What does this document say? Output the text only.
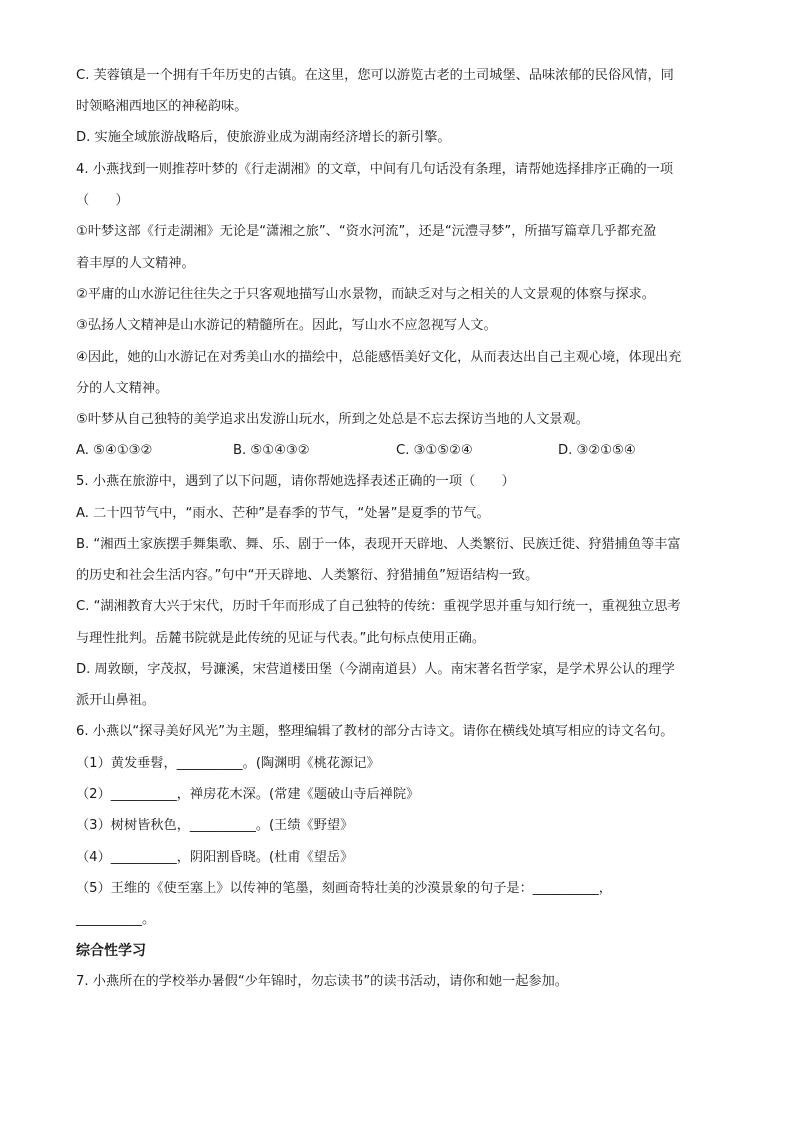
C. 芙蓉镇是一个拥有千年历史的古镇。在这里，您可以游览古老的土司城堡、品味浓郁的民俗风情，同
时领略湘西地区的神秘韵味。
D. 实施全域旅游战略后，使旅游业成为湖南经济增长的新引擎。
4. 小燕找到一则推荐叶梦的《行走湖湘》的文章，中间有几句话没有条理，请帮她选择排序正确的一项
（　　）
①叶梦这部《行走湖湘》无论是“潇湘之旅”、“资水河流”，还是“沅澧寻梦”，所描写篇章几乎都充盈
着丰厚的人文精神。
②平庸的山水游记往往失之于只客观地描写山水景物，而缺乏对与之相关的人文景观的体察与探求。
③弘扬人文精神是山水游记的精髓所在。因此，写山水不应忽视写人文。
④因此，她的山水游记在对秀美山水的描绘中，总能感悟美好文化，从而表达出自己主观心境，体现出充
分的人文精神。
⑤叶梦从自己独特的美学追求出发游山玩水，所到之处总是不忘去探访当地的人文景观。
A. ⑤④①③②	B. ⑤①④③②	C. ③①⑤②④	D. ③②①⑤④
5. 小燕在旅游中，遇到了以下问题，请你帮她选择表述正确的一项（　　）
A. 二十四节气中，“雨水、芒种”是春季的节气，“处暑”是夏季的节气。
B. “湘西土家族摆手舞集歌、舞、乐、剧于一体，表现开天辟地、人类繁衍、民族迁徙、狩猎捕鱼等丰富
的历史和社会生活内容。”句中“开天辟地、人类繁衍、狩猎捕鱼”短语结构一致。
C. “湖湘教育大兴于宋代，历时千年而形成了自己独特的传统：重视学思并重与知行统一，重视独立思考
与理性批判。岳麓书院就是此传统的见证与代表。”此句标点使用正确。
D. 周敦颐，字茂叔，号濂溪，宋营道楼田堡（今湖南道县）人。南宋著名哲学家，是学术界公认的理学
派开山鼻祖。
6. 小燕以“探寻美好风光”为主题，整理编辑了教材的部分古诗文。请你在横线处填写相应的诗文名句。
（1）黄发垂髫，__________。(陶渊明《桃花源记》
（2）__________，禅房花木深。(常建《题破山寺后禅院》
（3）树树皆秋色，__________。(王绩《野望》
（4）__________，阴阳割昏晓。(杜甫《望岳》
（5）王维的《使至塞上》以传神的笔墨，刻画奇特壮美的沙漠景象的句子是：__________，
__________。
综合性学习
7. 小燕所在的学校举办暑假“少年锦时，勿忘读书”的读书活动，请你和她一起参加。
